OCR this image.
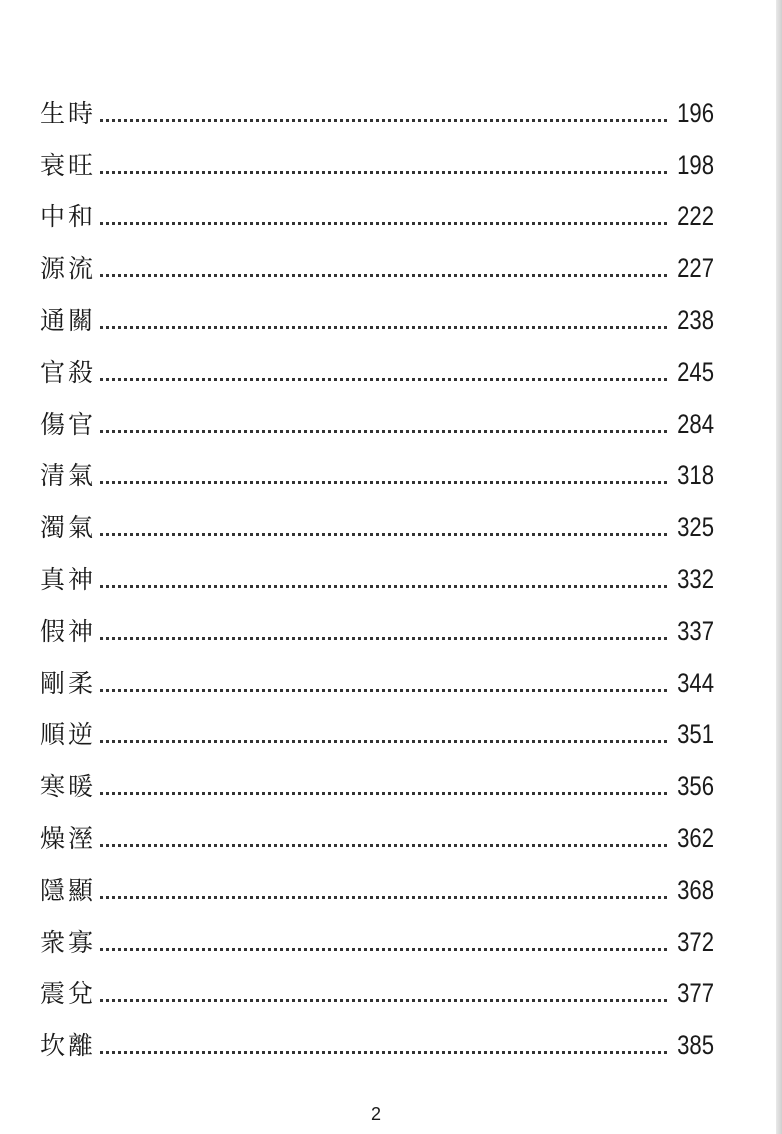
生時	196
衰旺	198
中和	222
源流	227
通關	238
官殺	245
傷官	284
清氣	318
濁氣	325
真神	332
假神	337
剛柔	344
順逆	351
寒暖	356
燥溼	362
隱顯	368
衆寡	372
震兌	377
坎離	385
2
